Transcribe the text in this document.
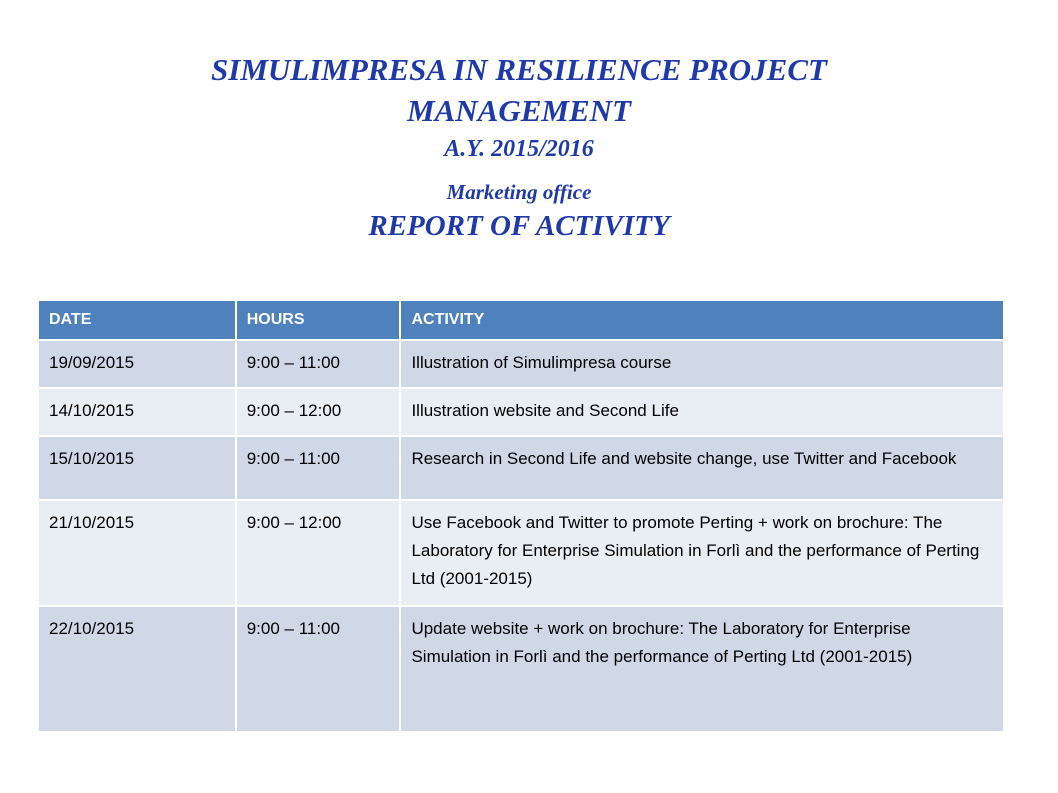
SIMULIMPRESA IN RESILIENCE PROJECT
MANAGEMENT
A.Y. 2015/2016
Marketing office
REPORT OF ACTIVITY
DATE	HOURS	ACTIVITY
19/09/2015	9:00 – 11:00	Illustration of Simulimpresa course
14/10/2015	9:00 – 12:00	Illustration website and Second Life
15/10/2015	9:00 – 11:00	Research in Second Life and website change, use Twitter and Facebook
21/10/2015	9:00 – 12:00	Use Facebook and Twitter to promote Perting + work on brochure: The Laboratory for Enterprise Simulation in Forlì and the performance of Perting Ltd (2001-2015)
22/10/2015	9:00 – 11:00	Update website + work on brochure: The Laboratory for Enterprise Simulation in Forlì and the performance of Perting Ltd (2001-2015)
